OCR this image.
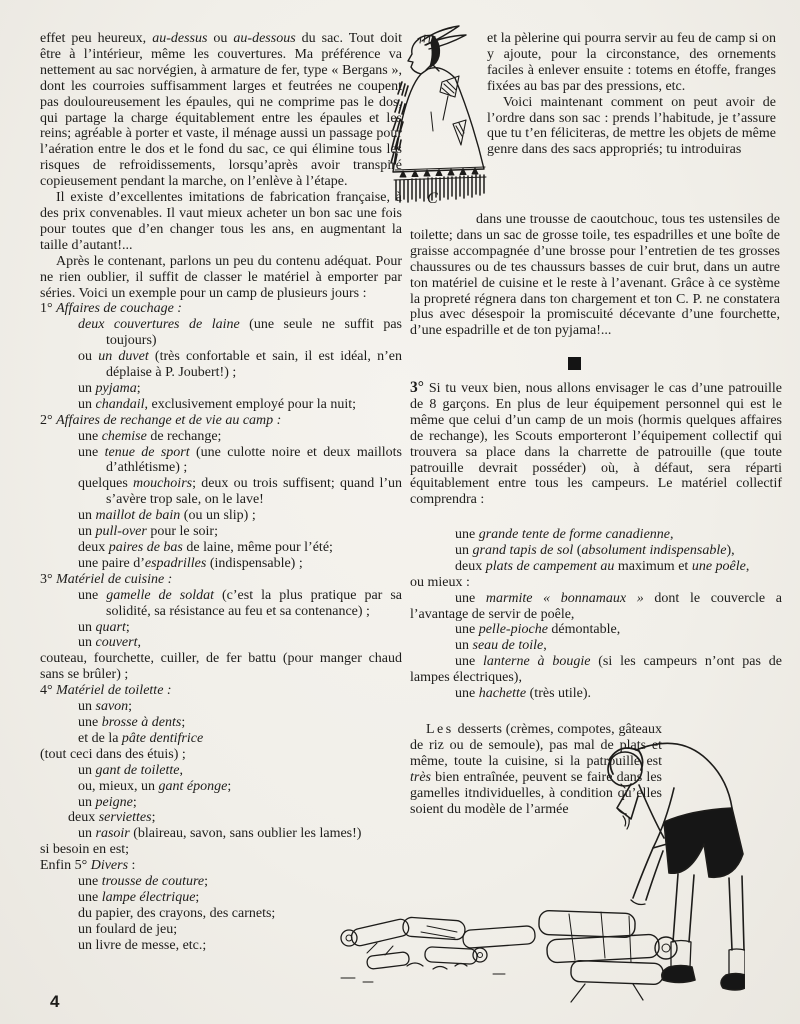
effet peu heureux, au-dessus ou au-dessous du sac. Tout doit être à l’intérieur, même les couvertures. Ma préférence va nettement au sac norvégien, à armature de fer, type « Bergans », dont les courroies suffisamment larges et feutrées ne coupent pas douloureusement les épaules, qui ne comprime pas le dos, qui partage la charge équitablement entre les épaules et les reins; agréable à porter et vaste, il ménage aussi un passage pour l’aération entre le dos et le fond du sac, ce qui élimine tous les risques de refroidissements, lorsqu’après avoir transpiré copieusement pendant la marche, on l’enlève à l’étape.

Il existe d’excellentes imitations de fabrication française, à des prix convenables. Il vaut mieux acheter un bon sac une fois pour toutes que d’en changer tous les ans, en augmentant la taille d’autant!...

Après le contenant, parlons un peu du contenu adéquat. Pour ne rien oublier, il suffit de classer le matériel à emporter par séries. Voici un exemple pour un camp de plusieurs jours :

1° Affaires de couchage :

deux couvertures de laine (une seule ne suffit pas toujours)

ou un duvet (très confortable et sain, il est idéal, n’en déplaise à P. Joubert!) ;

un pyjama;

un chandail, exclusivement employé pour la nuit;

2° Affaires de rechange et de vie au camp :

une chemise de rechange;

une tenue de sport (une culotte noire et deux maillots d’athlétisme) ;

quelques mouchoirs; deux ou trois suffisent; quand l’un s’avère trop sale, on le lave!

un maillot de bain (ou un slip) ;

un pull-over pour le soir;

deux paires de bas de laine, même pour l’été;

une paire d’espadrilles (indispensable) ;

3° Matériel de cuisine :

une gamelle de soldat (c’est la plus pratique par sa solidité, sa résistance au feu et sa contenance) ;

un quart;

un couvert,

couteau, fourchette, cuiller, de fer battu (pour manger chaud sans se brûler) ;

4° Matériel de toilette :

un savon;

une brosse à dents;

et de la pâte dentifrice

(tout ceci dans des étuis) ;

un gant de toilette,

ou, mieux, un gant éponge;

un peigne;

deux serviettes;

un rasoir (blaireau, savon, sans oublier les lames!)

si besoin en est;

Enfin 5° Divers :

une trousse de couture;

une lampe électrique;

du papier, des crayons, des carnets;

un foulard de jeu;

un livre de messe, etc.;

C

et la pèlerine qui pourra servir au feu de camp si on y ajoute, pour la circonstance, des ornements faciles à enlever ensuite : totems en étoffe, franges fixées au bas par des pressions, etc.

Voici maintenant comment on peut avoir de l’ordre dans son sac : prends l’habitude, je t’assure que tu t’en féliciteras, de mettre les objets de même genre dans des sacs appropriés; tu introduiras

dans une trousse de caoutchouc, tous tes ustensiles de toilette; dans un sac de grosse toile, tes espadrilles et une boîte de graisse accompagnée d’une brosse pour l’entretien de tes grosses chaussures ou de tes chaussurs basses de cuir brut, dans un autre ton matériel de cuisine et le reste à l’avenant. Grâce à ce système la propreté régnera dans ton chargement et ton C. P. ne constatera plus avec désespoir la promiscuité décevante d’une fourchette, d’une espadrille et de ton pyjama!...

3° Si tu veux bien, nous allons envisager le cas d’une patrouille de 8 garçons. En plus de leur équipement personnel qui est le même que celui d’un camp de un mois (hormis quelques affaires de rechange), les Scouts emporteront l’équipement collectif qui trouvera sa place dans la charrette de patrouille (que toute patrouille devrait posséder) où, à défaut, sera réparti équitablement entre tous les campeurs. Le matériel collectif comprendra :

une grande tente de forme canadienne,

un grand tapis de sol (absolument indispensable),

deux plats de campement au maximum et une poêle,

ou mieux :

une marmite « bonnamaux » dont le couvercle a l’avantage de servir de poêle,

une pelle-pioche démontable,

un seau de toile,

une lanterne à bougie (si les campeurs n’ont pas de lampes électriques),

une hachette (très utile).

Les desserts (crèmes, compotes, gâteaux de riz ou de semoule), pas mal de plats et même, toute la cuisine, si la patrouille est très bien entraînée, peuvent se faire dans les gamelles itndividuelles, à condition qu’elles soient du modèle de l’armée

4
